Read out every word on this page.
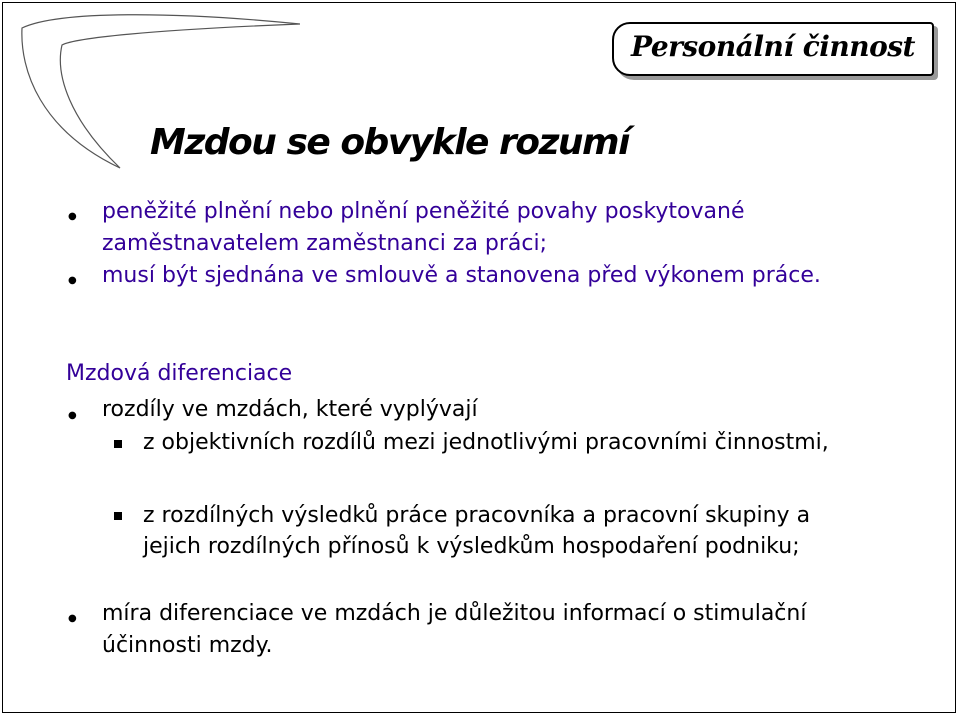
Personální činnost
Mzdou se obvykle rozumí
● peněžité plnění nebo plnění peněžité povahy poskytované zaměstnavatelem zaměstnanci za práci;
● musí být sjednána ve smlouvě a stanovena před výkonem práce.
Mzdová diferenciace
● rozdíly ve mzdách, které vyplývají
z objektivních rozdílů mezi jednotlivými pracovními činnostmi,
z rozdílných výsledků práce pracovníka a pracovní skupiny a jejich rozdílných přínosů k výsledkům hospodaření podniku;
● míra diferenciace ve mzdách je důležitou informací o stimulační účinnosti mzdy.
